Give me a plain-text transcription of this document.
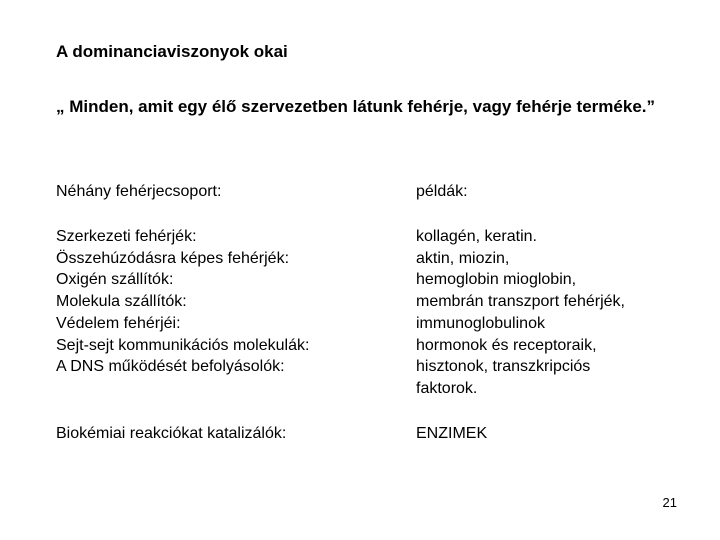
A dominanciaviszonyok okai
„ Minden, amit egy élő szervezetben látunk fehérje, vagy fehérje terméke.”
Néhány fehérjecsoport:	példák:
Szerkezeti fehérjék:
Összehúzódásra képes fehérjék:
Oxigén szállítók:
Molekula szállítók:
Védelem fehérjéi:
Sejt-sejt kommunikációs molekulák:
A DNS működését befolyásolók:
kollagén, keratin.
aktin, miozin,
hemoglobin mioglobin,
membrán transzport fehérjék,
immunoglobulinok
hormonok és receptoraik,
hisztonok, transzkripciós
faktorok.
Biokémiai reakciókat katalizálók:	ENZIMEK
21
